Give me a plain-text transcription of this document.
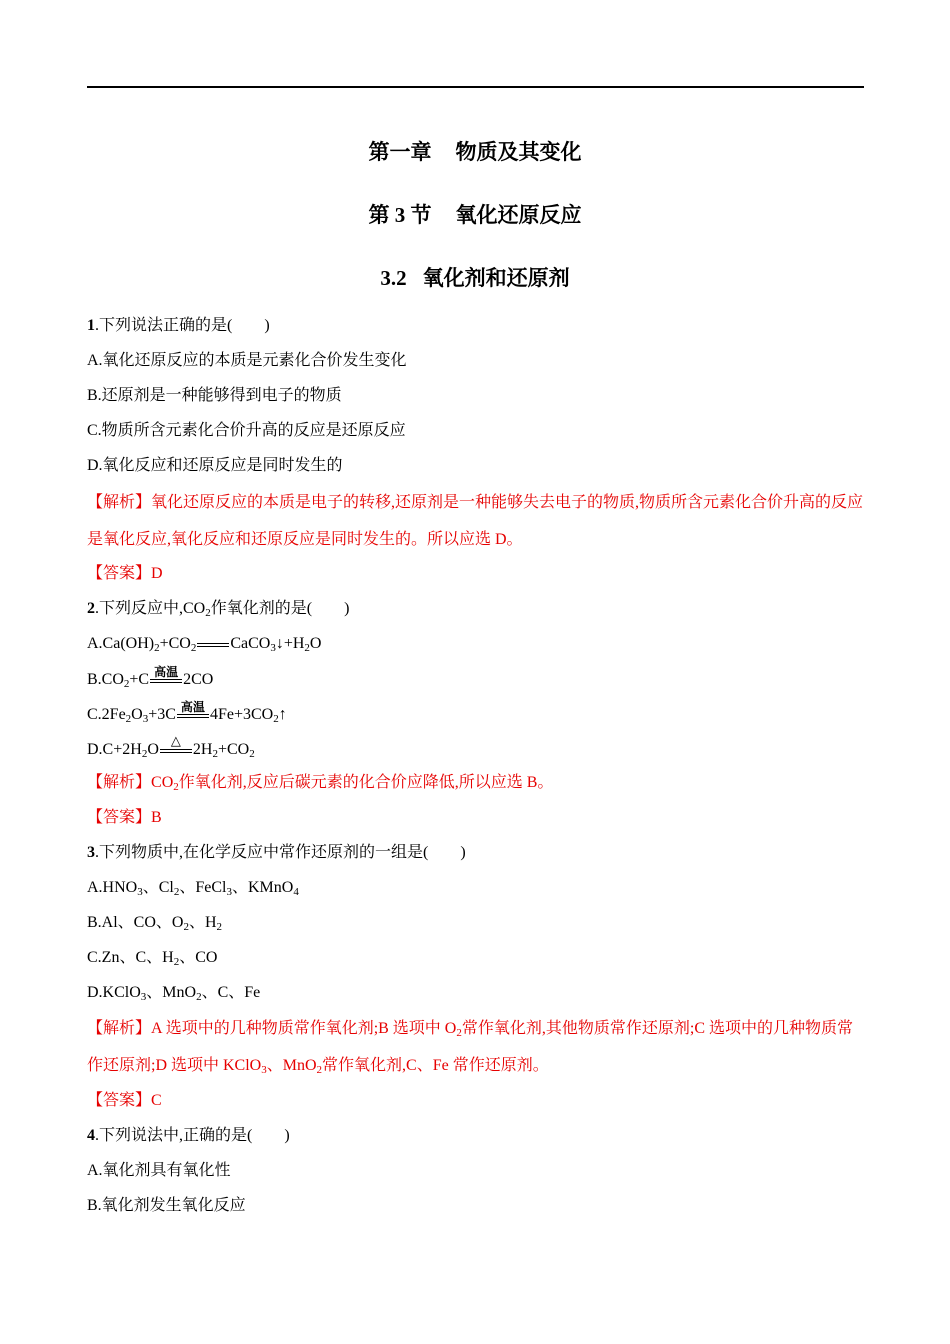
第一章 物质及其变化
第 3 节 氧化还原反应
3.2 氧化剂和还原剂
1.下列说法正确的是(　　)
A.氧化还原反应的本质是元素化合价发生变化
B.还原剂是一种能够得到电子的物质
C.物质所含元素化合价升高的反应是还原反应
D.氧化反应和还原反应是同时发生的
【解析】氧化还原反应的本质是电子的转移,还原剂是一种能够失去电子的物质,物质所含元素化合价升高的反应是氧化反应,氧化反应和还原反应是同时发生的。所以应选 D。
【答案】D
2.下列反应中$,CO_2$作氧化剂的是(　　)
$A.Ca(OH)_2+CO_2$ $CaCO_3↓+H_2O$
$B.CO_2+C$ 高温 2CO
$C.2Fe_2O_3+3C$ 高温 $4Fe+3CO_2↑$
$D.C+2H_2O$ △ $2H_2+CO_2$
【解析】$CO_2$作氧化剂,反应后碳元素的化合价应降低,所以应选 B。
【答案】B
3.下列物质中,在化学反应中常作还原剂的一组是(　　)
$A.HNO_3$、$Cl_2$、FeCl$_3$、KMnO$_4$
B.Al、CO、$O_2$、$H_2$
C.Zn、C、$H_2$、CO
D.KClO$_3$、MnO$_2$、C、Fe
【解析】A 选项中的几种物质常作氧化剂;B 选项中 $O_2$常作氧化剂,其他物质常作还原剂;C 选项中的几种物质常作还原剂;D 选项中 KClO$_3$、MnO$_2$常作氧化剂,C、Fe 常作还原剂。
【答案】C
4.下列说法中,正确的是(　　)
A.氧化剂具有氧化性
B.氧化剂发生氧化反应
